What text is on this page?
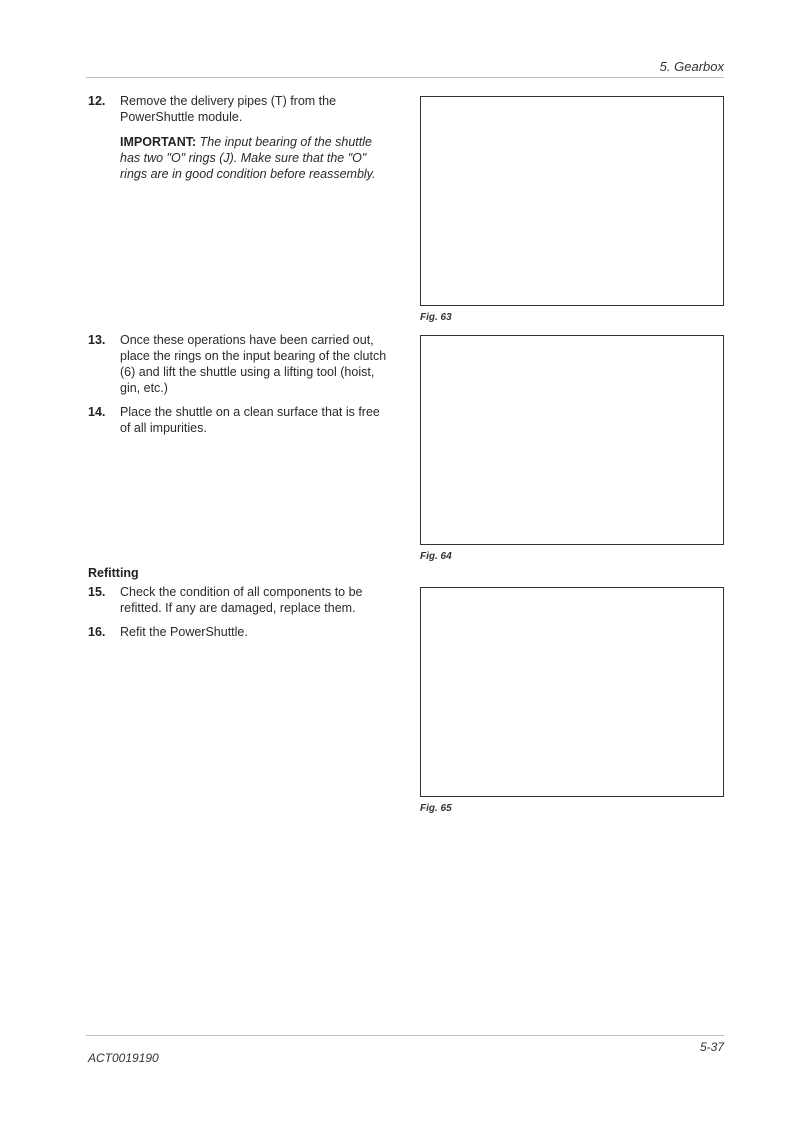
5. Gearbox
12. Remove the delivery pipes (T) from the PowerShuttle module.

IMPORTANT: The input bearing of the shuttle has two "O" rings (J). Make sure that the "O" rings are in good condition before reassembly.

13. Once these operations have been carried out, place the rings on the input bearing of the clutch (6) and lift the shuttle using a lifting tool (hoist, gin, etc.)

14. Place the shuttle on a clean surface that is free of all impurities.

Refitting
15. Check the condition of all components to be refitted. If any are damaged, replace them.

16. Refit the PowerShuttle.

Fig. 63
Fig. 64
Fig. 65
5-37
ACT0019190
